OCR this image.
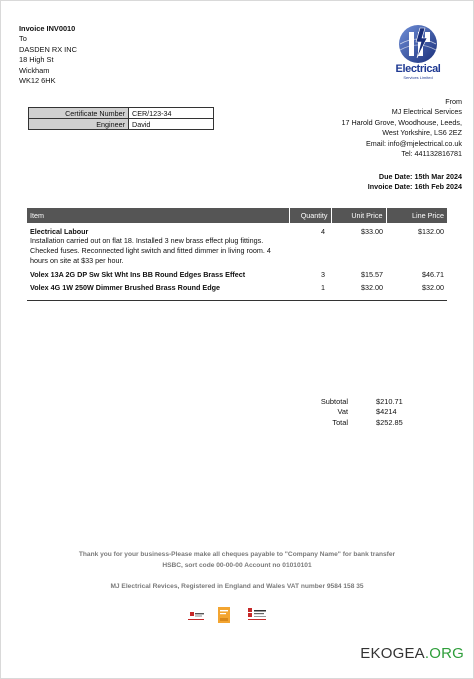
Invoice INV0010
To
DASDEN RX INC
18 High St
Wickham
WK12 6HK
Electrical
Services Limited
Certificate Number	CER/123-34
Engineer	David
From
MJ Electrical Services
17 Harold Grove, Woodhouse, Leeds,
West Yorkshire, LS6 2EZ
Email: info@mjelectrical.co.uk
Tel: 441132816781
Due Date: 15th Mar 2024
Invoice Date: 16th Feb 2024
Item	Quantity	Unit Price	Line Price

Electrical Labour
Installation carried out on flat 18. Installed 3 new brass effect plug fittings. Checked fuses. Reconnected light switch and fitted dimmer in living room. 4 hours on site at $33 per hour.	4	$33.00	$132.00

Volex 13A 2G DP Sw Skt Wht Ins BB Round Edges Brass Effect	3	$15.57	$46.71

Volex 4G 1W 250W Dimmer Brushed Brass Round Edge	1	$32.00	$32.00
Subtotal	$210.71
Vat	$4214
Total	$252.85
Thank you for your business-Please make all cheques payable to "Company Name" for bank transfer
HSBC, sort code 00-00-00 Account no 01010101
MJ Electrical Revices, Registered in England and Wales VAT number 9584 158 35
EKOGEA.ORG
